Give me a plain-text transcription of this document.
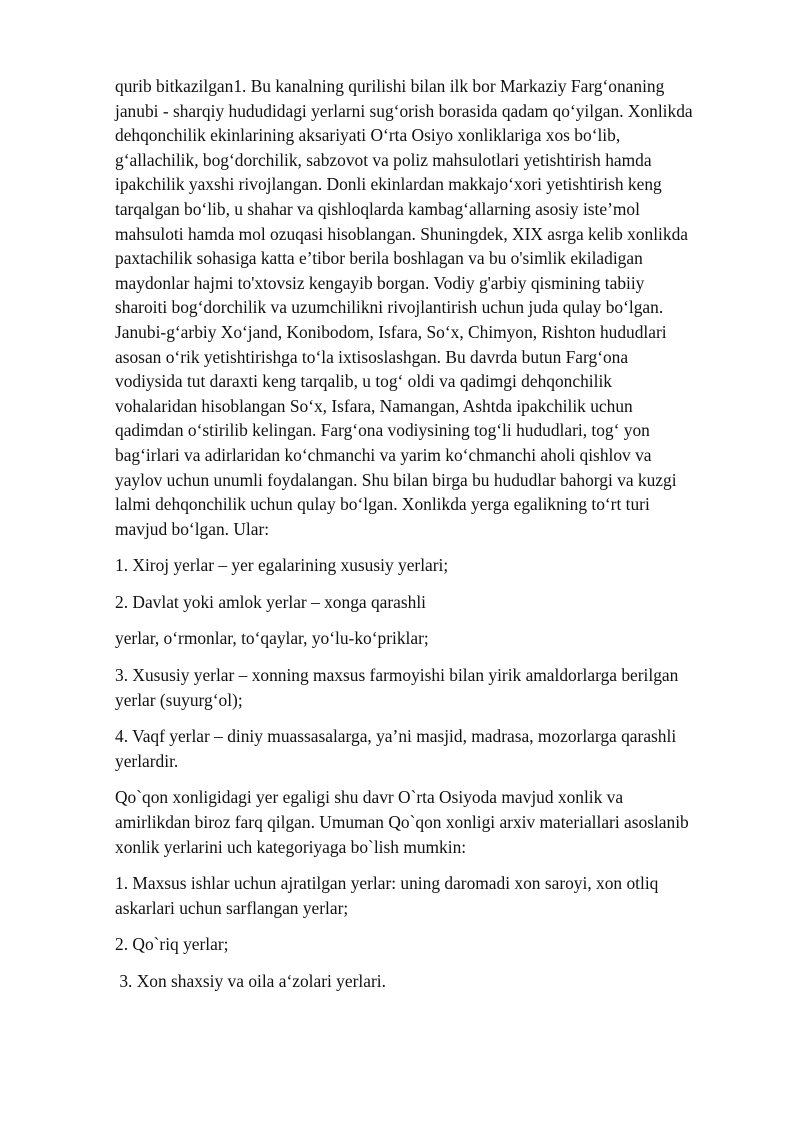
qurib bitkazilgan1. Bu kanalning qurilishi bilan ilk bor Markaziy Farg‘onaning
janubi - sharqiy hududidagi yerlarni sug‘orish borasida qadam qo‘yilgan. Xonlikda
dehqonchilik ekinlarining aksariyati O‘rta Osiyo xonliklariga xos bo‘lib,
g‘allachilik, bog‘dorchilik, sabzovot va poliz mahsulotlari yetishtirish hamda
ipakchilik yaxshi rivojlangan. Donli ekinlardan makkajo‘xori yetishtirish keng
tarqalgan bo‘lib, u shahar va qishloqlarda kambag‘allarning asosiy iste’mol
mahsuloti hamda mol ozuqasi hisoblangan. Shuningdek, XIX asrga kelib xonlikda
paxtachilik sohasiga katta e’tibor berila boshlagan va bu o'simlik ekiladigan
maydonlar hajmi to'xtovsiz kengayib borgan. Vodiy g'arbiy qismining tabiiy
sharoiti bog‘dorchilik va uzumchilikni rivojlantirish uchun juda qulay bo‘lgan.
Janubi-g‘arbiy Xo‘jand, Konibodom, Isfara, So‘x, Chimyon, Rishton hududlari
asosan o‘rik yetishtirishga to‘la ixtisoslashgan. Bu davrda butun Farg‘ona
vodiysida tut daraxti keng tarqalib, u tog‘ oldi va qadimgi dehqonchilik
vohalaridan hisoblangan So‘x, Isfara, Namangan, Ashtda ipakchilik uchun
qadimdan o‘stirilib kelingan. Farg‘ona vodiysining tog‘li hududlari, tog‘ yon
bag‘irlari va adirlaridan ko‘chmanchi va yarim ko‘chmanchi aholi qishlov va
yaylov uchun unumli foydalangan. Shu bilan birga bu hududlar bahorgi va kuzgi
lalmi dehqonchilik uchun qulay bo‘lgan. Xonlikda yerga egalikning to‘rt turi
mavjud bo‘lgan. Ular:

1. Xiroj yerlar – yer egalarining xususiy yerlari;

2. Davlat yoki amlok yerlar – xonga qarashli

yerlar, o‘rmonlar, to‘qaylar, yo‘lu-ko‘priklar;

3. Xususiy yerlar – xonning maxsus farmoyishi bilan yirik amaldorlarga berilgan
yerlar (suyurg‘ol);

4. Vaqf yerlar – diniy muassasalarga, ya’ni masjid, madrasa, mozorlarga qarashli
yerlardir.

Qo`qon xonligidagi yer egaligi shu davr O`rta Osiyoda mavjud xonlik va
amirlikdan biroz farq qilgan. Umuman Qo`qon xonligi arxiv materiallari asoslanib
xonlik yerlarini uch kategoriyaga bo`lish mumkin:

1. Maxsus ishlar uchun ajratilgan yerlar: uning daromadi xon saroyi, xon otliq
askarlari uchun sarflangan yerlar;

2. Qo`riq yerlar;

3. Xon shaxsiy va oila a‘zolari yerlari.
